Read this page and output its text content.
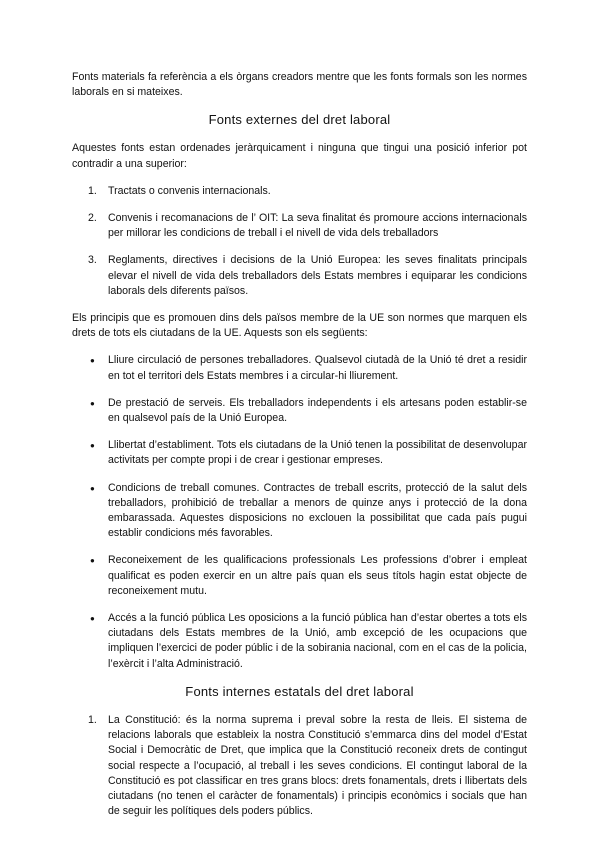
Fonts materials fa referència a els òrgans creadors mentre que les fonts formals son les normes laborals en si mateixes.

Fonts externes del dret laboral

Aquestes fonts estan ordenades jeràrquicament i ninguna que tingui una posició inferior pot contradir a una superior:

1. Tractats o convenis internacionals.
2. Convenis i recomanacions de l’ OIT: La seva finalitat és promoure accions internacionals per millorar les condicions de treball i el nivell de vida dels treballadors
3. Reglaments, directives i decisions de la Unió Europea: les seves finalitats principals elevar el nivell de vida dels treballadors dels Estats membres i equiparar les condicions laborals dels diferents països.

Els principis que es promouen dins dels països membre de la UE son normes que marquen els drets de tots els ciutadans de la UE. Aquests son els següents:

● Lliure circulació de persones treballadores. Qualsevol ciutadà de la Unió té dret a residir en tot el territori dels Estats membres i a circular-hi lliurement.
● De prestació de serveis. Els treballadors independents i els artesans poden establir-se en qualsevol país de la Unió Europea.
● Llibertat d’establiment. Tots els ciutadans de la Unió tenen la possibilitat de desenvolupar activitats per compte propi i de crear i gestionar empreses.
● Condicions de treball comunes. Contractes de treball escrits, protecció de la salut dels treballadors, prohibició de treballar a menors de quinze anys i protecció de la dona embarassada. Aquestes disposicions no exclouen la possibilitat que cada país pugui establir condicions més favorables.
● Reconeixement de les qualificacions professionals Les professions d’obrer i empleat qualificat es poden exercir en un altre país quan els seus títols hagin estat objecte de reconeixement mutu.
● Accés a la funció pública Les oposicions a la funció pública han d’estar obertes a tots els ciutadans dels Estats membres de la Unió, amb excepció de les ocupacions que impliquen l’exercici de poder públic i de la sobirania nacional, com en el cas de la policia, l’exèrcit i l’alta Administració.
Fonts internes estatals del dret laboral
1. La Constitució: és la norma suprema i preval sobre la resta de lleis. El sistema de relacions laborals que estableix la nostra Constitució s’emmarca dins del model d’Estat Social i Democràtic de Dret, que implica que la Constitució reconeix drets de contingut social respecte a l’ocupació, al treball i les seves condicions. El contingut laboral de la Constitució es pot classificar en tres grans blocs: drets fonamentals, drets i llibertats dels ciutadans (no tenen el caràcter de fonamentals) i principis econòmics i socials que han de seguir les polítiques dels poders públics.
